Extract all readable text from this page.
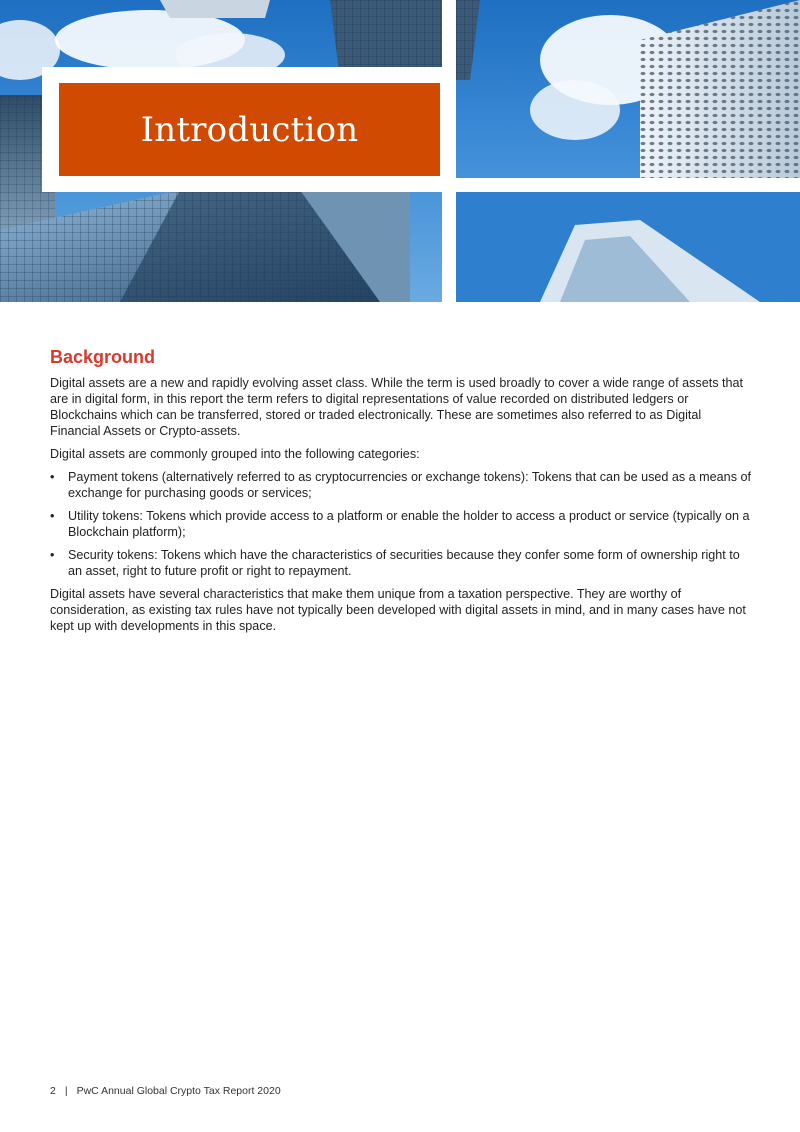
Introduction
Background

Digital assets are a new and rapidly evolving asset class. While the term is used broadly to cover a wide range of assets that are in digital form, in this report the term refers to digital representations of value recorded on distributed ledgers or Blockchains which can be transferred, stored or traded electronically. These are sometimes also referred to as Digital Financial Assets or Crypto-assets.

Digital assets are commonly grouped into the following categories:

• Payment tokens (alternatively referred to as cryptocurrencies or exchange tokens): Tokens that can be used as a means of exchange for purchasing goods or services;
• Utility tokens: Tokens which provide access to a platform or enable the holder to access a product or service (typically on a Blockchain platform);
• Security tokens: Tokens which have the characteristics of securities because they confer some form of ownership right to an asset, right to future profit or right to repayment.

Digital assets have several characteristics that make them unique from a taxation perspective. They are worthy of consideration, as existing tax rules have not typically been developed with digital assets in mind, and in many cases have not kept up with developments in this space.

2 | PwC Annual Global Crypto Tax Report 2020
